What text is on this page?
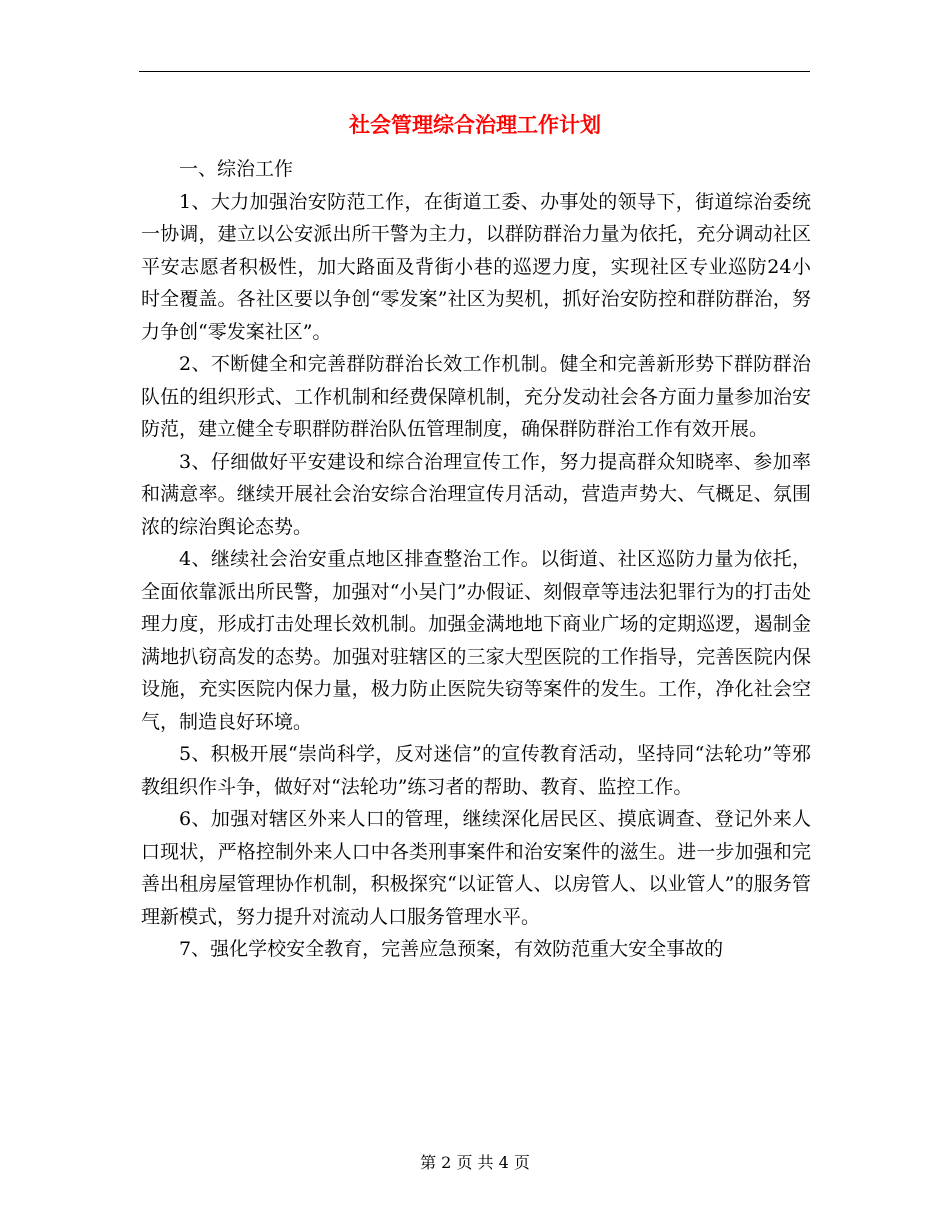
社会管理综合治理工作计划

一、综治工作

1、大力加强治安防范工作，在街道工委、办事处的领导下，街道综治委统一协调，建立以公安派出所干警为主力，以群防群治力量为依托，充分调动社区平安志愿者积极性，加大路面及背街小巷的巡逻力度，实现社区专业巡防24小时全覆盖。各社区要以争创“零发案”社区为契机，抓好治安防控和群防群治，努力争创“零发案社区”。

2、不断健全和完善群防群治长效工作机制。健全和完善新形势下群防群治队伍的组织形式、工作机制和经费保障机制，充分发动社会各方面力量参加治安防范，建立健全专职群防群治队伍管理制度，确保群防群治工作有效开展。

3、仔细做好平安建设和综合治理宣传工作，努力提高群众知晓率、参加率和满意率。继续开展社会治安综合治理宣传月活动，营造声势大、气概足、氛围浓的综治舆论态势。

4、继续社会治安重点地区排查整治工作。以街道、社区巡防力量为依托，全面依靠派出所民警，加强对“小吴门”办假证、刻假章等违法犯罪行为的打击处理力度，形成打击处理长效机制。加强金满地地下商业广场的定期巡逻，遏制金满地扒窃高发的态势。加强对驻辖区的三家大型医院的工作指导，完善医院内保设施，充实医院内保力量，极力防止医院失窃等案件的发生。工作，净化社会空气，制造良好环境。

5、积极开展“崇尚科学，反对迷信”的宣传教育活动，坚持同“法轮功”等邪教组织作斗争，做好对“法轮功”练习者的帮助、教育、监控工作。

6、加强对辖区外来人口的管理，继续深化居民区、摸底调查、登记外来人口现状，严格控制外来人口中各类刑事案件和治安案件的滋生。进一步加强和完善出租房屋管理协作机制，积极探究“以证管人、以房管人、以业管人”的服务管理新模式，努力提升对流动人口服务管理水平。

7、强化学校安全教育，完善应急预案，有效防范重大安全事故的

第 2 页 共 4 页
